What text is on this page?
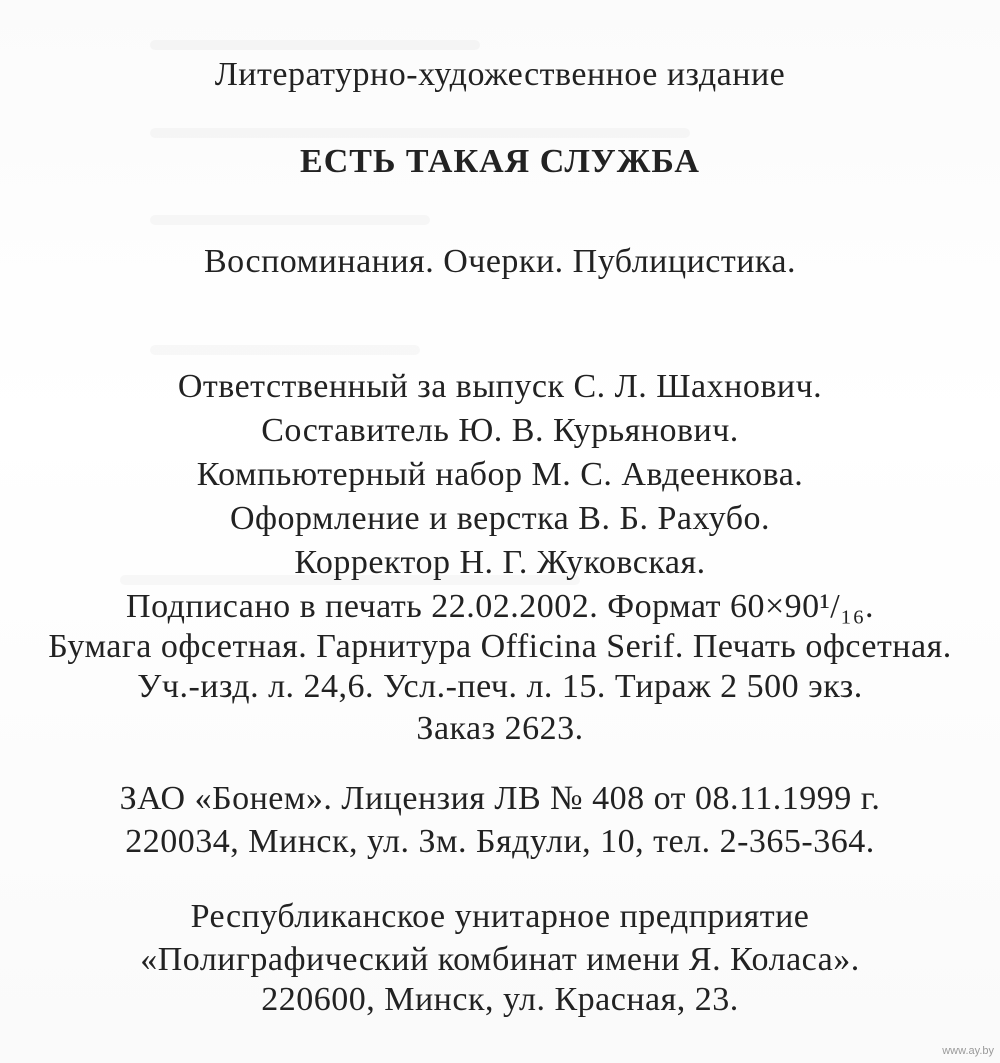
Литературно-художественное издание
ЕСТЬ ТАКАЯ СЛУЖБА
Воспоминания. Очерки. Публицистика.
Ответственный за выпуск С. Л. Шахнович.
Составитель Ю. В. Курьянович.
Компьютерный набор М. С. Авдеенкова.
Оформление и верстка В. Б. Рахубо.
Корректор Н. Г. Жуковская.
Подписано в печать 22.02.2002. Формат 60×90¹/₁₆.
Бумага офсетная. Гарнитура Officina Serif. Печать офсетная.
Уч.-изд. л. 24,6. Усл.-печ. л. 15. Тираж 2 500 экз.
Заказ 2623.
ЗАО «Бонем». Лицензия ЛВ № 408 от 08.11.1999 г.
220034, Минск, ул. Зм. Бядули, 10, тел. 2-365-364.
Республиканское унитарное предприятие
«Полиграфический комбинат имени Я. Коласа».
220600, Минск, ул. Красная, 23.
www.ay.by
